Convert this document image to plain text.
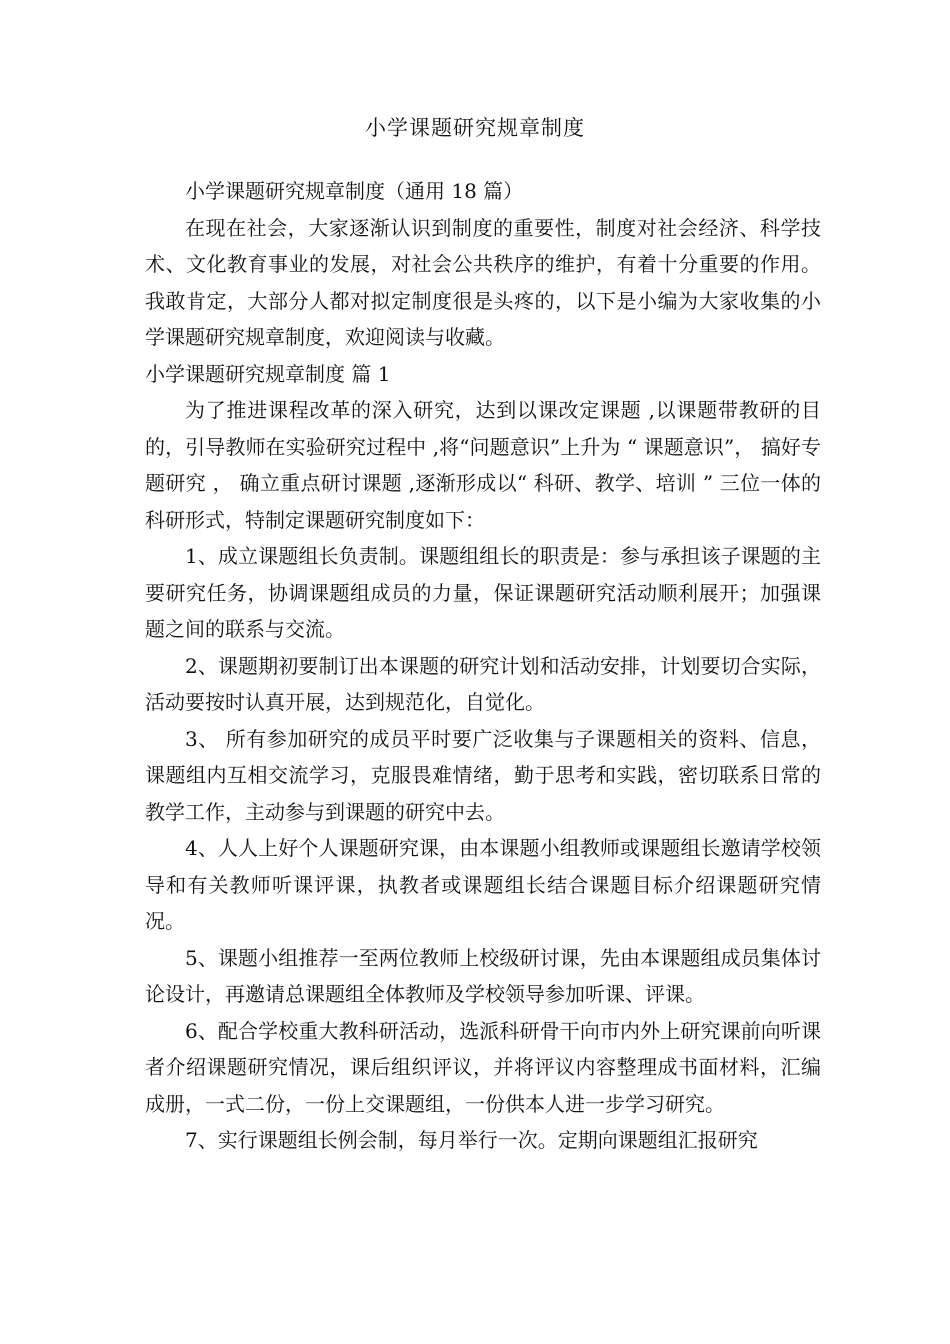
小学课题研究规章制度

小学课题研究规章制度（通用 18 篇）

在现在社会，大家逐渐认识到制度的重要性，制度对社会经济、科学技术、文化教育事业的发展，对社会公共秩序的维护，有着十分重要的作用。我敢肯定，大部分人都对拟定制度很是头疼的，以下是小编为大家收集的小学课题研究规章制度，欢迎阅读与收藏。

小学课题研究规章制度 篇 1

为了推进课程改革的深入研究，达到以课改定课题 ,以课题带教研的目的，引导教师在实验研究过程中 ,将“问题意识”上升为 “ 课题意识”， 搞好专题研究 ， 确立重点研讨课题 ,逐渐形成以“ 科研、教学、培训 ” 三位一体的科研形式，特制定课题研究制度如下：

1、成立课题组长负责制。课题组组长的职责是：参与承担该子课题的主要研究任务，协调课题组成员的力量，保证课题研究活动顺利展开；加强课题之间的联系与交流。

2、课题期初要制订出本课题的研究计划和活动安排，计划要切合实际，活动要按时认真开展，达到规范化，自觉化。

3、 所有参加研究的成员平时要广泛收集与子课题相关的资料、信息，课题组内互相交流学习，克服畏难情绪，勤于思考和实践，密切联系日常的教学工作，主动参与到课题的研究中去。

4、人人上好个人课题研究课，由本课题小组教师或课题组长邀请学校领导和有关教师听课评课，执教者或课题组长结合课题目标介绍课题研究情况。

5、课题小组推荐一至两位教师上校级研讨课，先由本课题组成员集体讨论设计，再邀请总课题组全体教师及学校领导参加听课、评课。

6、配合学校重大教科研活动，选派科研骨干向市内外上研究课前向听课者介绍课题研究情况，课后组织评议，并将评议内容整理成书面材料，汇编成册，一式二份，一份上交课题组，一份供本人进一步学习研究。

7、实行课题组长例会制，每月举行一次。定期向课题组汇报研究
